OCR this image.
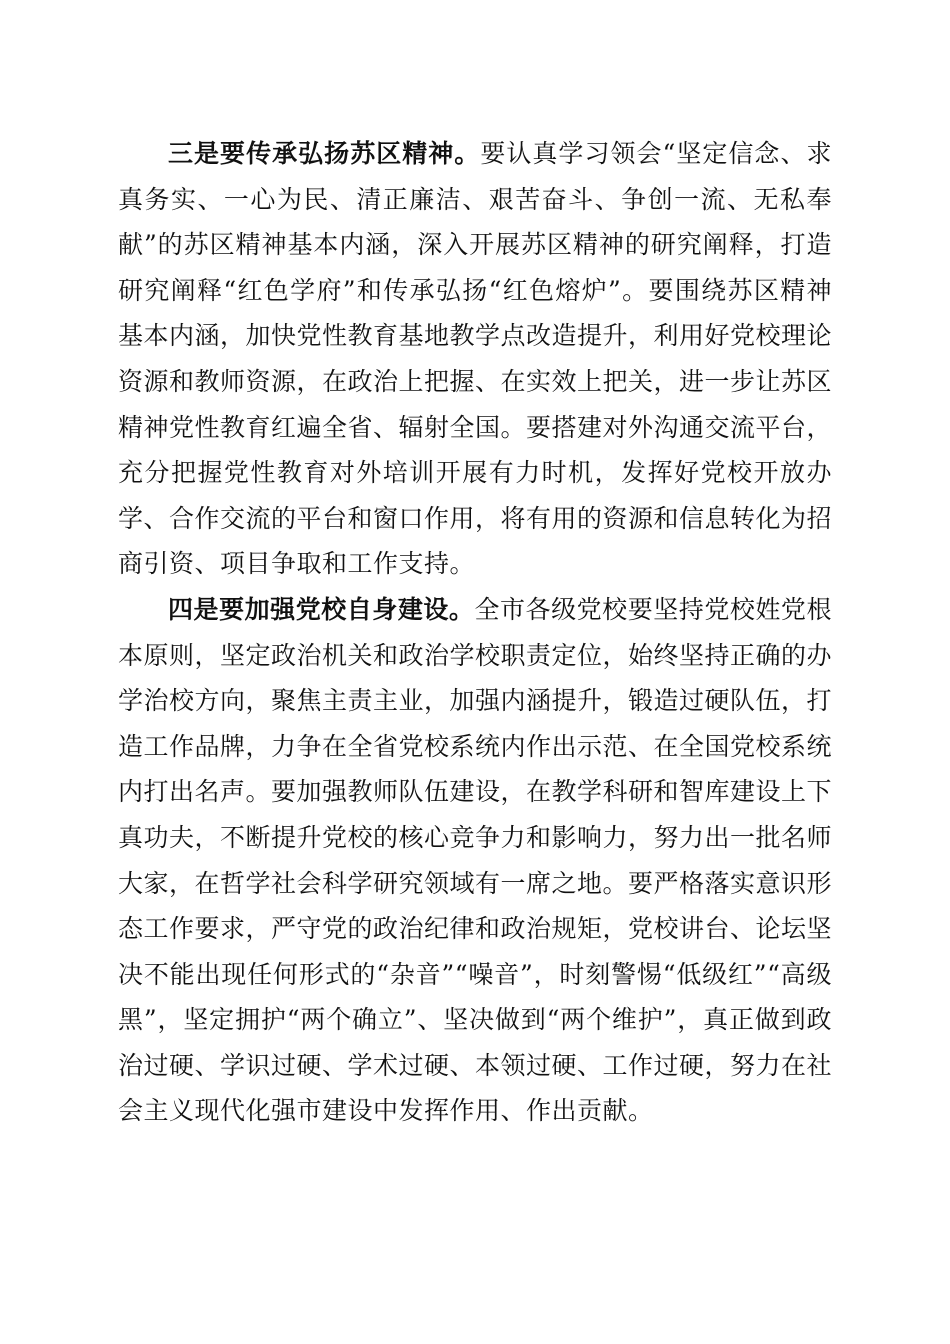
三是要传承弘扬苏区精神。要认真学习领会“坚定信念、求真务实、一心为民、清正廉洁、艰苦奋斗、争创一流、无私奉献”的苏区精神基本内涵，深入开展苏区精神的研究阐释，打造研究阐释“红色学府”和传承弘扬“红色熔炉”。要围绕苏区精神基本内涵，加快党性教育基地教学点改造提升，利用好党校理论资源和教师资源，在政治上把握、在实效上把关，进一步让苏区精神党性教育红遍全省、辐射全国。要搭建对外沟通交流平台，充分把握党性教育对外培训开展有力时机，发挥好党校开放办学、合作交流的平台和窗口作用，将有用的资源和信息转化为招商引资、项目争取和工作支持。

四是要加强党校自身建设。全市各级党校要坚持党校姓党根本原则，坚定政治机关和政治学校职责定位，始终坚持正确的办学治校方向，聚焦主责主业，加强内涵提升，锻造过硬队伍，打造工作品牌，力争在全省党校系统内作出示范、在全国党校系统内打出名声。要加强教师队伍建设，在教学科研和智库建设上下真功夫，不断提升党校的核心竞争力和影响力，努力出一批名师大家，在哲学社会科学研究领域有一席之地。要严格落实意识形态工作要求，严守党的政治纪律和政治规矩，党校讲台、论坛坚决不能出现任何形式的“杂音”“噪音”，时刻警惕“低级红”“高级黑”，坚定拥护“两个确立”、坚决做到“两个维护”，真正做到政治过硬、学识过硬、学术过硬、本领过硬、工作过硬，努力在社会主义现代化强市建设中发挥作用、作出贡献。
